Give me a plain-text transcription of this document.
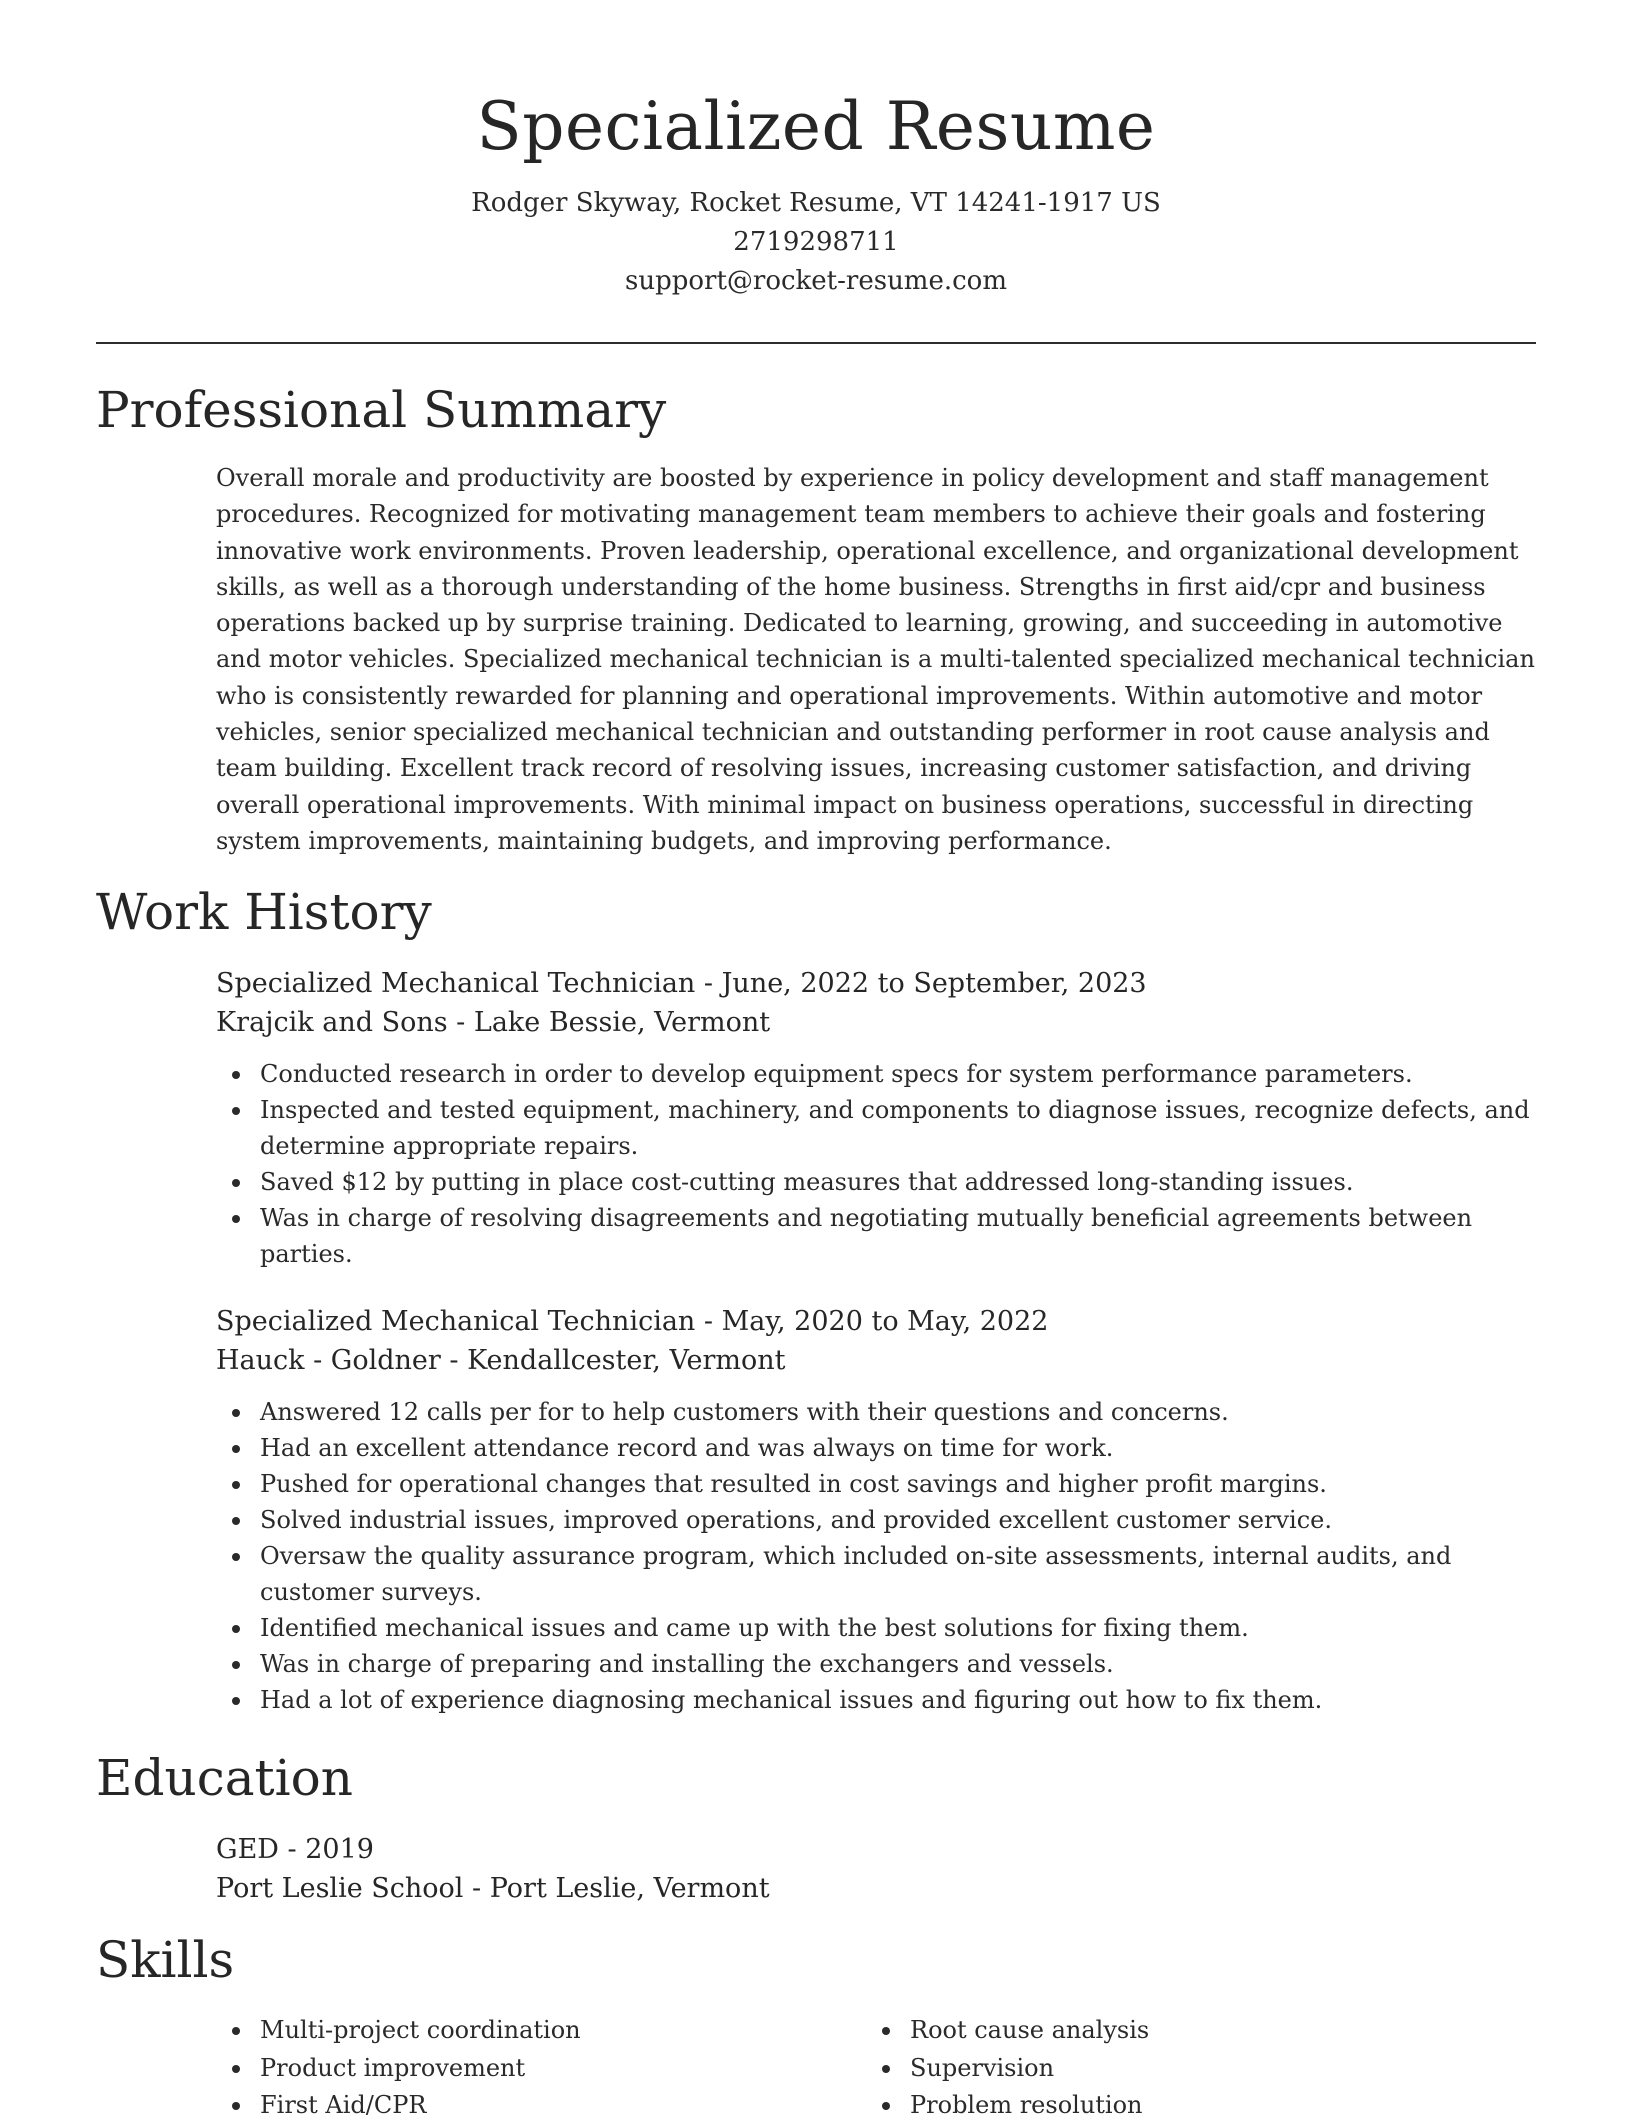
Specialized Resume
Rodger Skyway, Rocket Resume, VT 14241-1917 US
2719298711
support@rocket-resume.com
Professional Summary

Overall morale and productivity are boosted by experience in policy development and staff management procedures. Recognized for motivating management team members to achieve their goals and fostering innovative work environments. Proven leadership, operational excellence, and organizational development skills, as well as a thorough understanding of the home business. Strengths in first aid/cpr and business operations backed up by surprise training. Dedicated to learning, growing, and succeeding in automotive and motor vehicles. Specialized mechanical technician is a multi-talented specialized mechanical technician who is consistently rewarded for planning and operational improvements. Within automotive and motor vehicles, senior specialized mechanical technician and outstanding performer in root cause analysis and team building. Excellent track record of resolving issues, increasing customer satisfaction, and driving overall operational improvements. With minimal impact on business operations, successful in directing system improvements, maintaining budgets, and improving performance.

Work History
Specialized Mechanical Technician - June, 2022 to September, 2023
Krajcik and Sons - Lake Bessie, Vermont
Conducted research in order to develop equipment specs for system performance parameters.
Inspected and tested equipment, machinery, and components to diagnose issues, recognize defects, and determine appropriate repairs.
Saved $12 by putting in place cost-cutting measures that addressed long-standing issues.
Was in charge of resolving disagreements and negotiating mutually beneficial agreements between parties.
Specialized Mechanical Technician - May, 2020 to May, 2022
Hauck - Goldner - Kendallcester, Vermont
Answered 12 calls per for to help customers with their questions and concerns.
Had an excellent attendance record and was always on time for work.
Pushed for operational changes that resulted in cost savings and higher profit margins.
Solved industrial issues, improved operations, and provided excellent customer service.
Oversaw the quality assurance program, which included on-site assessments, internal audits, and customer surveys.
Identified mechanical issues and came up with the best solutions for fixing them.
Was in charge of preparing and installing the exchangers and vessels.
Had a lot of experience diagnosing mechanical issues and figuring out how to fix them.
Education
GED - 2019
Port Leslie School - Port Leslie, Vermont
Skills
Multi-project coordination
Product improvement
First Aid/CPR
Root cause analysis
Supervision
Problem resolution
